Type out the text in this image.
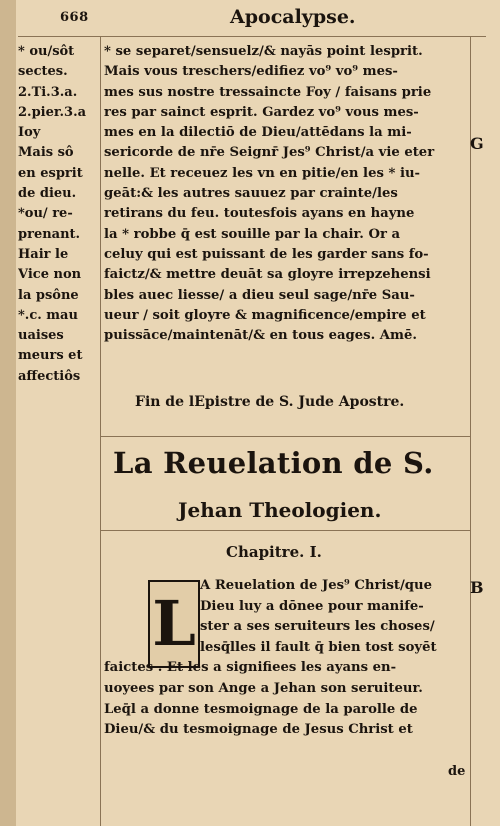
668	Apocalypse.
* ou/sôt
sectes.
2.Ti.3.a.
2.pier.3.a
Ioy
Mais sô
en esprit
de dieu.
*ou/ re-
prenant.
Hair le
Vice non
la psône
*.c. mau
uaises
meurs et
affectiôs
* se separet/sensuelz/& nayās point lesprit.
Mais vous treschers/edifiez vo⁹ vo⁹ mes-
mes sus nostre tressaincte Foy / faisans prie
res par sainct esprit. Gardez vo⁹ vous mes-
mes en la dilectiō de Dieu/attēdans la mi-
sericorde de nr̄e Seignr̄ Jes⁹ Christ/a vie eter
nelle. Et receuez les vn en pitie/en les * iu-
geāt:& les autres sauuez par crainte/les
retirans du feu. toutesfois ayans en hayne
la * robbe q̄ est souille par la chair. Or a
celuy qui est puissant de les garder sans fo-
faictz/& mettre deuāt sa gloyre irrepzehensi
bles auec liesse/ a dieu seul sage/nr̄e Sau-
ueur / soit gloyre & magnificence/empire et
puissāce/maintenāt/& en tous eages. Amē.
G
Fin de lEpistre de S. Jude Apostre.
La Reuelation de S.
Jehan Theologien.
Chapitre. I.
L
A Reuelation de Jes⁹ Christ/que
Dieu luy a dōnee pour manife-
ster a ses seruiteurs les choses/
lesq̄lles il fault q̄ bien tost soyēt
faictes . Et les a signifiees les ayans en-
uoyees par son Ange a Jehan son seruiteur.
Leq̄l a donne tesmoignage de la parolle de
Dieu/& du tesmoignage de Jesus Christ et
B
de
